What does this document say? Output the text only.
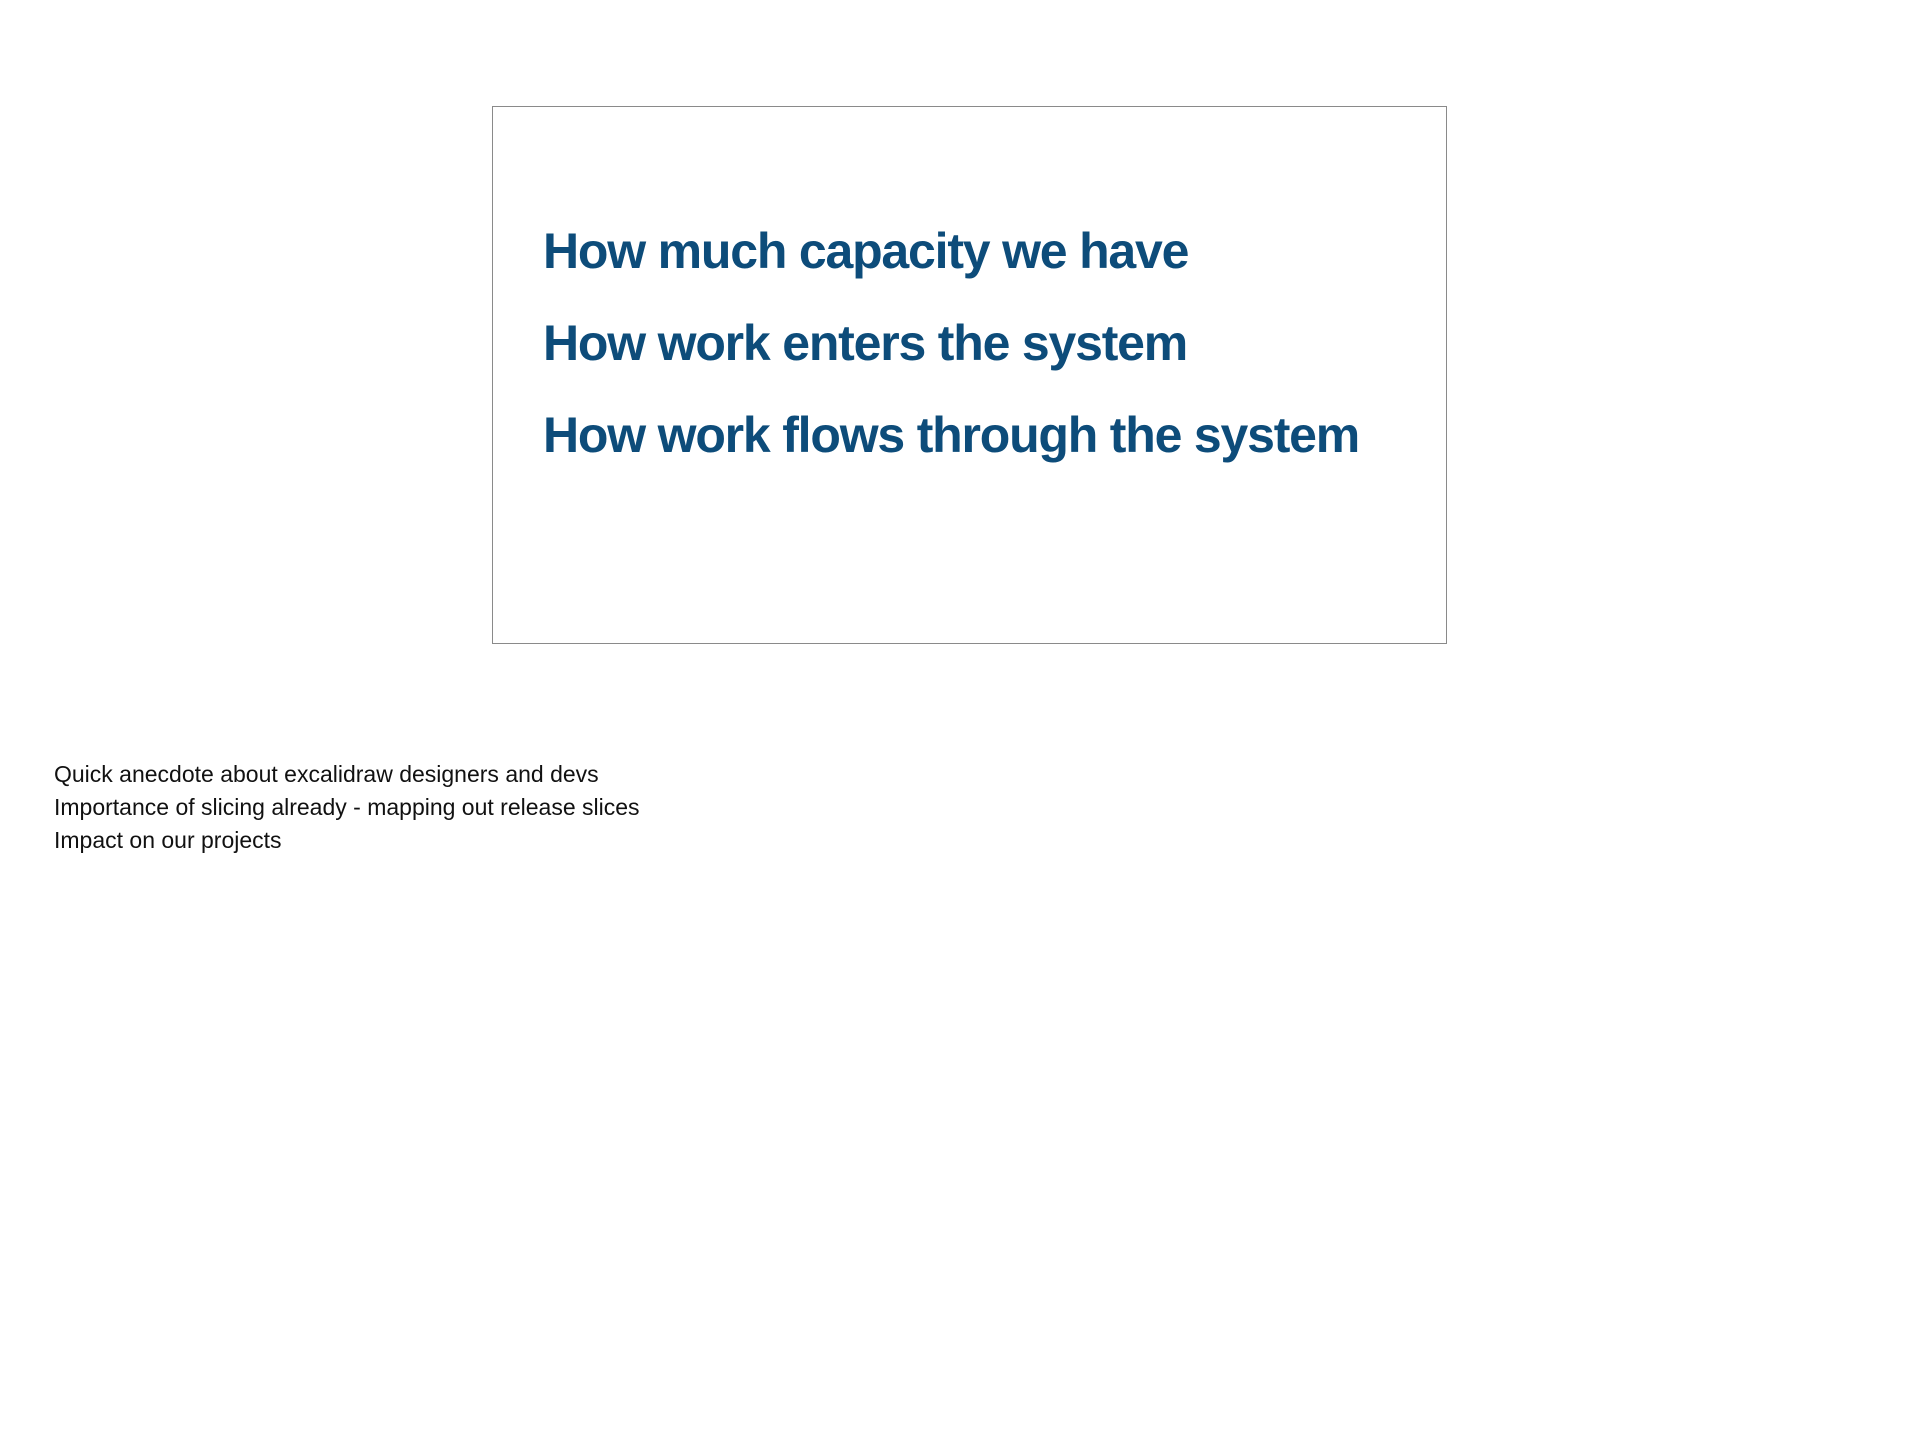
How much capacity we have
How work enters the system
How work flows through the system
Quick anecdote about excalidraw designers and devs
Importance of slicing already - mapping out release slices
Impact on our projects
